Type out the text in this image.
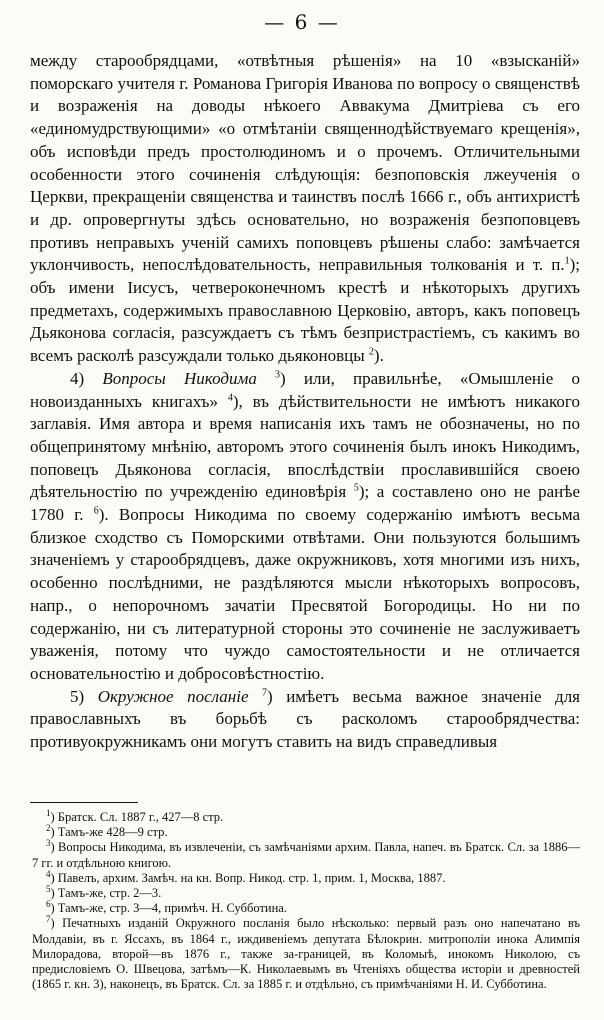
— 6 —

между старообрядцами, «отвѣтныя рѣшенія» на 10 «взысканій» поморскаго учителя г. Романова Григорія Иванова по вопросу о священствѣ и возраженія на доводы нѣкоего Аввакума Дмитріева съ его «единомудрствующими» «о отмѣтаніи священнодѣйствуемаго крещенія», объ исповѣди предъ простолюдиномъ и о прочемъ. Отличительными особенности этого сочиненія слѣдующія: безпоповскія лжеученія о Церкви, прекращеніи священства и таинствъ послѣ 1666 г., объ антихристѣ и др. опровергнуты здѣсь основательно, но возраженія безпоповцевъ противъ неправыхъ ученій самихъ поповцевъ рѣшены слабо: замѣчается уклончивость, непослѣдовательность, неправильныя толкованія и т. п.$^1$); объ имени Іисусъ, четвероконечномъ крестѣ и нѣкоторыхъ другихъ предметахъ, содержимыхъ православною Церковію, авторъ, какъ поповецъ Дьяконова согласія, разсуждаетъ съ тѣмъ безпристрастіемъ, съ какимъ во всемъ расколѣ разсуждали только дьяконовцы $^2$).

4) Вопросы Никодима $^3$) или, правильнѣе, «Омышленіе о новоизданныхъ книгахъ» $^4$), въ дѣйствительности не имѣютъ никакого заглавія. Имя автора и время написанія ихъ тамъ не обозначены, но по общепринятому мнѣнію, авторомъ этого сочиненія былъ инокъ Никодимъ, поповецъ Дьяконова согласія, впослѣдствіи прославившійся своею дѣятельностію по учрежденію единовѣрія $^5$); а составлено оно не ранѣе 1780 г. $^6$). Вопросы Никодима по своему содержанію имѣютъ весьма близкое сходство съ Поморскими отвѣтами. Они пользуются большимъ значеніемъ у старообрядцевъ, даже окружниковъ, хотя многими изъ нихъ, особенно послѣдними, не раздѣляются мысли нѣкоторыхъ вопросовъ, напр., о непорочномъ зачатіи Пресвятой Богородицы. Но ни по содержанію, ни съ литературной стороны это сочиненіе не заслуживаетъ уваженія, потому что чуждо самостоятельности и не отличается основательностію и добросовѣстностію.

5) Окружное посланіе $^7$) имѣетъ весьма важное значеніе для православныхъ въ борьбѣ съ расколомъ старообрядчества: противуокружникамъ они могутъ ставить на видъ справедливыя

$^1$) Братск. Сл. 1887 г., 427—8 стр.

$^2$) Тамъ-же 428—9 стр.

$^3$) Вопросы Никодима, въ извлеченіи, съ замѣчаніями архим. Павла, напеч. въ Братск. Сл. за 1886—7 гг. и отдѣльною книгою.

$^4$) Павелъ, архим. Замѣч. на кн. Вопр. Никод. стр. 1, прим. 1, Москва, 1887.

$^5$) Тамъ-же, стр. 2—3.

$^6$) Тамъ-же, стр. 3—4, примѣч. Н. Субботина.

$^7$) Печатныхъ изданій Окружного посланія было нѣсколько: первый разъ оно напечатано въ Молдавіи, въ г. Яссахъ, въ 1864 г., иждивеніемъ депутата Бѣлокрин. митрополіи инока Алимпія Милорадова, второй—въ 1876 г., также за-границей, въ Коломыѣ, инокомъ Николою, съ предисловіемъ О. Швецова, затѣмъ—К. Николаевымъ въ Чтеніяхъ общества исторіи и древностей (1865 г. кн. 3), наконецъ, въ Братск. Сл. за 1885 г. и отдѣльно, съ примѣчаніями Н. И. Субботина.
